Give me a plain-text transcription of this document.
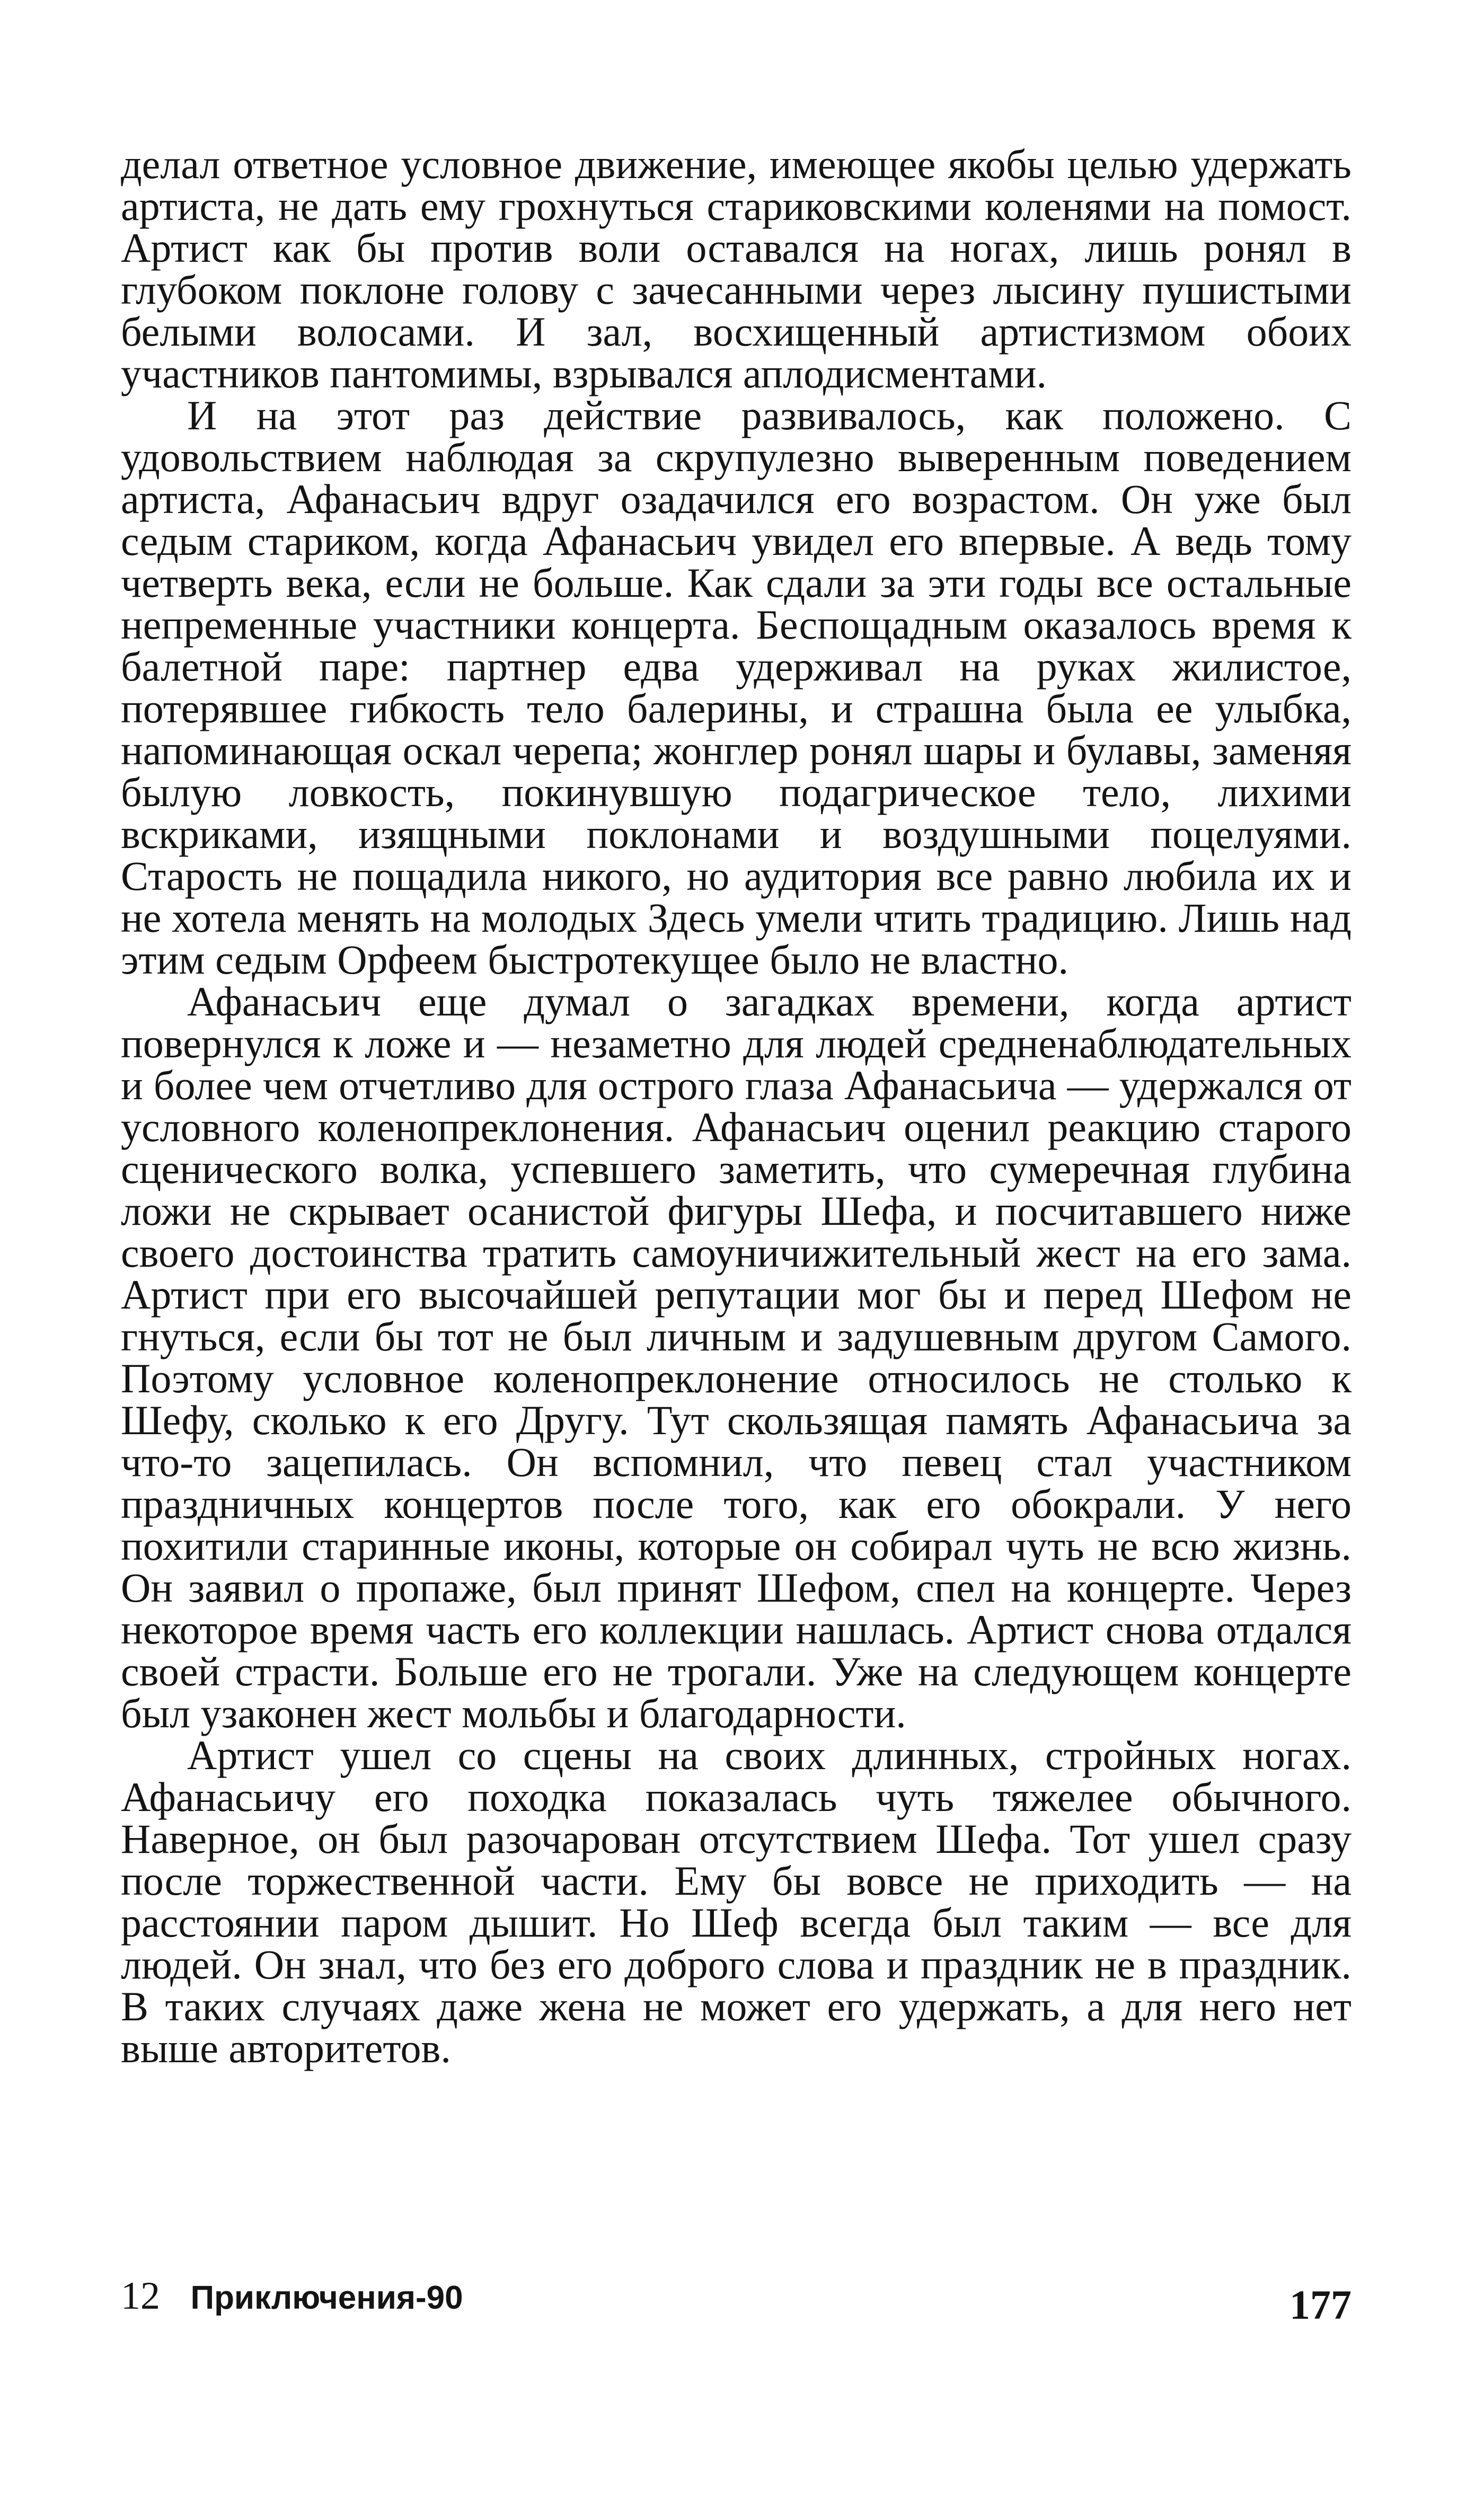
делал ответное условное движение, имеющее якобы целью удержать артиста, не дать ему грохнуться стариковскими коленями на помост. Артист как бы против воли оставался на ногах, лишь ронял в глубоком поклоне голову с зачесанными через лысину пушистыми белыми волосами. И зал, восхищенный артистизмом обоих участников пантомимы, взрывался аплодисментами.

И на этот раз действие развивалось, как положено. С удовольствием наблюдая за скрупулезно выверенным поведением артиста, Афанасьич вдруг озадачился его возрастом. Он уже был седым стариком, когда Афанасьич увидел его впервые. А ведь тому четверть века, если не больше. Как сдали за эти годы все остальные непременные участники концерта. Беспощадным оказалось время к балетной паре: партнер едва удерживал на руках жилистое, потерявшее гибкость тело балерины, и страшна была ее улыбка, напоминающая оскал черепа; жонглер ронял шары и булавы, заменяя былую ловкость, покинувшую подагрическое тело, лихими вскриками, изящными поклонами и воздушными поцелуями. Старость не пощадила никого, но аудитория все равно любила их и не хотела менять на молодых Здесь умели чтить традицию. Лишь над этим седым Орфеем быстротекущее было не властно.

Афанасьич еще думал о загадках времени, когда артист повернулся к ложе и — незаметно для людей средненаблюдательных и более чем отчетливо для острого глаза Афанасьича — удержался от условного коленопреклонения. Афанасьич оценил реакцию старого сценического волка, успевшего заметить, что сумеречная глубина ложи не скрывает осанистой фигуры Шефа, и посчитавшего ниже своего достоинства тратить самоуничижительный жест на его зама. Артист при его высочайшей репутации мог бы и перед Шефом не гнуться, если бы тот не был личным и задушевным другом Самого. Поэтому условное коленопреклонение относилось не столько к Шефу, сколько к его Другу. Тут скользящая память Афанасьича за что-то зацепилась. Он вспомнил, что певец стал участником праздничных концертов после того, как его обокрали. У него похитили старинные иконы, которые он собирал чуть не всю жизнь. Он заявил о пропаже, был принят Шефом, спел на концерте. Через некоторое время часть его коллекции нашлась. Артист снова отдался своей страсти. Больше его не трогали. Уже на следующем концерте был узаконен жест мольбы и благодарности.

Артист ушел со сцены на своих длинных, стройных ногах. Афанасьичу его походка показалась чуть тяжелее обычного. Наверное, он был разочарован отсутствием Шефа. Тот ушел сразу после торжественной части. Ему бы вовсе не приходить — на расстоянии паром дышит. Но Шеф всегда был таким — все для людей. Он знал, что без его доброго слова и праздник не в праздник. В таких случаях даже жена не может его удержать, а для него нет выше авторитетов.

12 Приключения-90	177
